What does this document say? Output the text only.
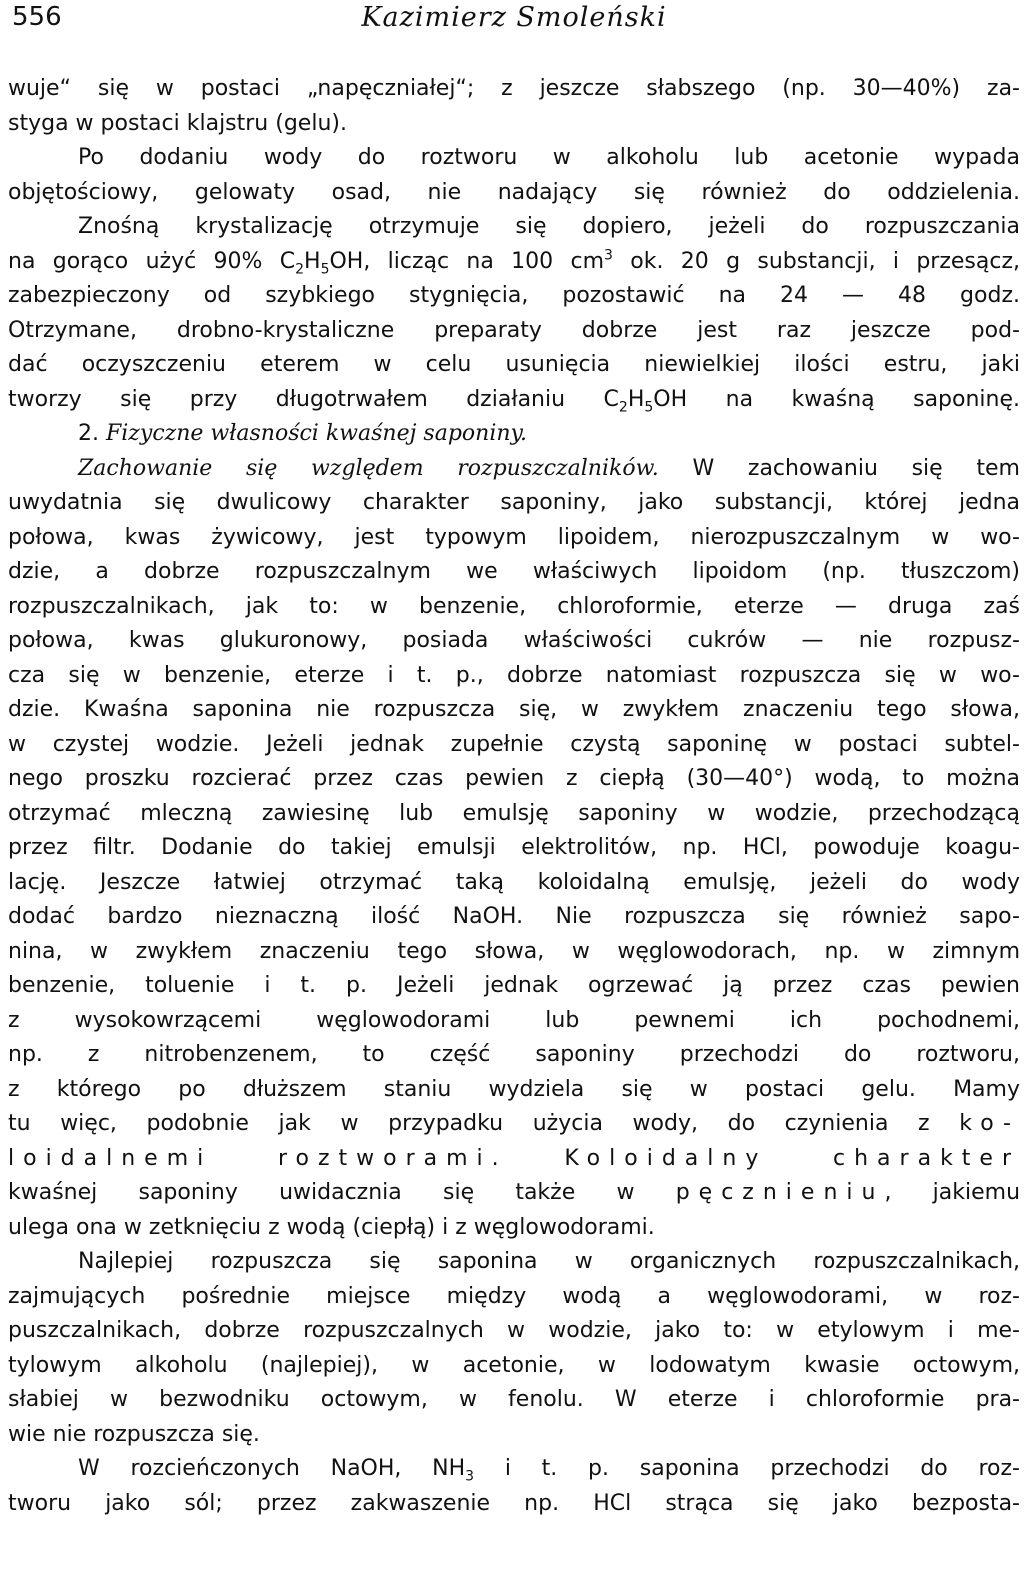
556	Kazimierz Smoleński
wuje“ się w postaci „napęczniałej“; z jeszcze słabszego (np. 30—40%) za-
styga w postaci klajstru (gelu).
Po dodaniu wody do roztworu w alkoholu lub acetonie wypada
objętościowy, gelowaty osad, nie nadający się również do oddzielenia.
Znośną krystalizację otrzymuje się dopiero, jeżeli do rozpuszczania
na gorąco użyć 90% $C_2H_5OH$, licząc na 100 $cm^3$ ok. 20 g substancji, i przesącz,
zabezpieczony od szybkiego stygnięcia, pozostawić na 24 — 48 godz.
Otrzymane, drobno-krystaliczne preparaty dobrze jest raz jeszcze pod-
dać oczyszczeniu eterem w celu usunięcia niewielkiej ilości estru, jaki
tworzy się przy długotrwałem działaniu $C_2H_5OH$ na kwaśną saponinę.
2. Fizyczne własności kwaśnej saponiny.
Zachowanie się względem rozpuszczalników. W zachowaniu się tem
uwydatnia się dwulicowy charakter saponiny, jako substancji, której jedna
połowa, kwas żywicowy, jest typowym lipoidem, nierozpuszczalnym w wo-
dzie, a dobrze rozpuszczalnym we właściwych lipoidom (np. tłuszczom)
rozpuszczalnikach, jak to: w benzenie, chloroformie, eterze — druga zaś
połowa, kwas glukuronowy, posiada właściwości cukrów — nie rozpusz-
cza się w benzenie, eterze i t. p., dobrze natomiast rozpuszcza się w wo-
dzie. Kwaśna saponina nie rozpuszcza się, w zwykłem znaczeniu tego słowa,
w czystej wodzie. Jeżeli jednak zupełnie czystą saponinę w postaci subtel-
nego proszku rozcierać przez czas pewien z ciepłą (30—40°) wodą, to można
otrzymać mleczną zawiesinę lub emulsję saponiny w wodzie, przechodzącą
przez filtr. Dodanie do takiej emulsji elektrolitów, np. HCl, powoduje koagu-
lację. Jeszcze łatwiej otrzymać taką koloidalną emulsję, jeżeli do wody
dodać bardzo nieznaczną ilość NaOH. Nie rozpuszcza się również sapo-
nina, w zwykłem znaczeniu tego słowa, w węglowodorach, np. w zimnym
benzenie, toluenie i t. p. Jeżeli jednak ogrzewać ją przez czas pewien
z wysokowrzącemi węglowodorami lub pewnemi ich pochodnemi,
np. z nitrobenzenem, to część saponiny przechodzi do roztworu,
z którego po dłuższem staniu wydziela się w postaci gelu. Mamy
tu więc, podobnie jak w przypadku użycia wody, do czynienia z ko-
loidalnemi roztworami.	Koloidalny charakter
kwaśnej saponiny uwidacznia się także w pęcznieniu, jakiemu
ulega ona w zetknięciu z wodą (ciepłą) i z węglowodorami.
Najlepiej rozpuszcza się saponina w organicznych rozpuszczalnikach,
zajmujących pośrednie miejsce między wodą a węglowodorami, w roz-
puszczalnikach, dobrze rozpuszczalnych w wodzie, jako to: w etylowym i me-
tylowym alkoholu (najlepiej), w acetonie, w lodowatym kwasie octowym,
słabiej w bezwodniku octowym, w fenolu. W eterze i chloroformie pra-
wie nie rozpuszcza się.
W rozcieńczonych NaOH, $NH_3$ i t. p. saponina przechodzi do roz-
tworu jako sól; przez zakwaszenie np. HCl strąca się jako bezposta-
